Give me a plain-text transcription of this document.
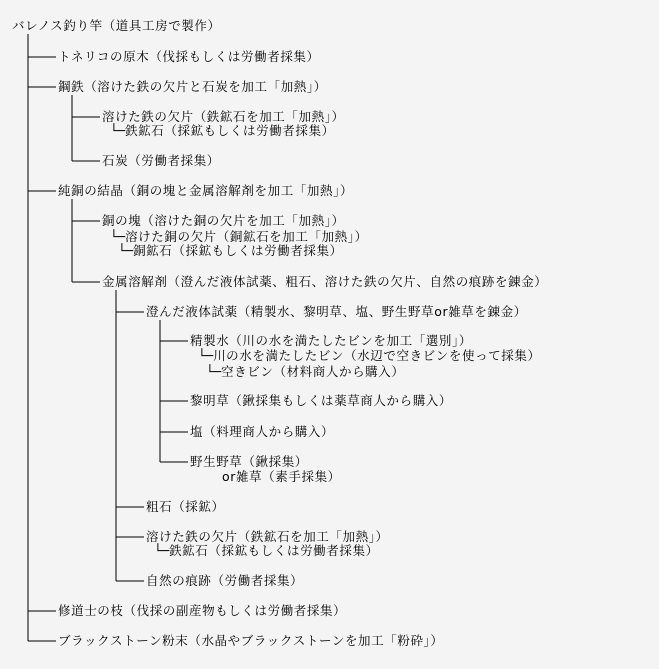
バレノス釣り竿（道具工房で製作）
トネリコの原木（伐採もしくは労働者採集）
鋼鉄（溶けた鉄の欠片と石炭を加工「加熱」）
溶けた鉄の欠片（鉄鉱石を加工「加熱」）
└─鉄鉱石（採鉱もしくは労働者採集）
石炭（労働者採集）
純銅の結晶（銅の塊と金属溶解剤を加工「加熱」）
銅の塊（溶けた銅の欠片を加工「加熱」）
└─溶けた銅の欠片（銅鉱石を加工「加熱」）
└─銅鉱石（採鉱もしくは労働者採集）
金属溶解剤（澄んだ液体試薬、粗石、溶けた鉄の欠片、自然の痕跡を錬金）
澄んだ液体試薬（精製水、黎明草、塩、野生野草or雑草を錬金）
精製水（川の水を満たしたビンを加工「選別」）
└─川の水を満たしたビン（水辺で空きビンを使って採集）
└─空きビン（材料商人から購入）
黎明草（鍬採集もしくは薬草商人から購入）
塩（料理商人から購入）
野生野草（鍬採集）
or雑草（素手採集）
粗石（採鉱）
溶けた鉄の欠片（鉄鉱石を加工「加熱」）
└─鉄鉱石（採鉱もしくは労働者採集）
自然の痕跡（労働者採集）
修道士の枝（伐採の副産物もしくは労働者採集）
ブラックストーン粉末（水晶やブラックストーンを加工「粉砕」）
